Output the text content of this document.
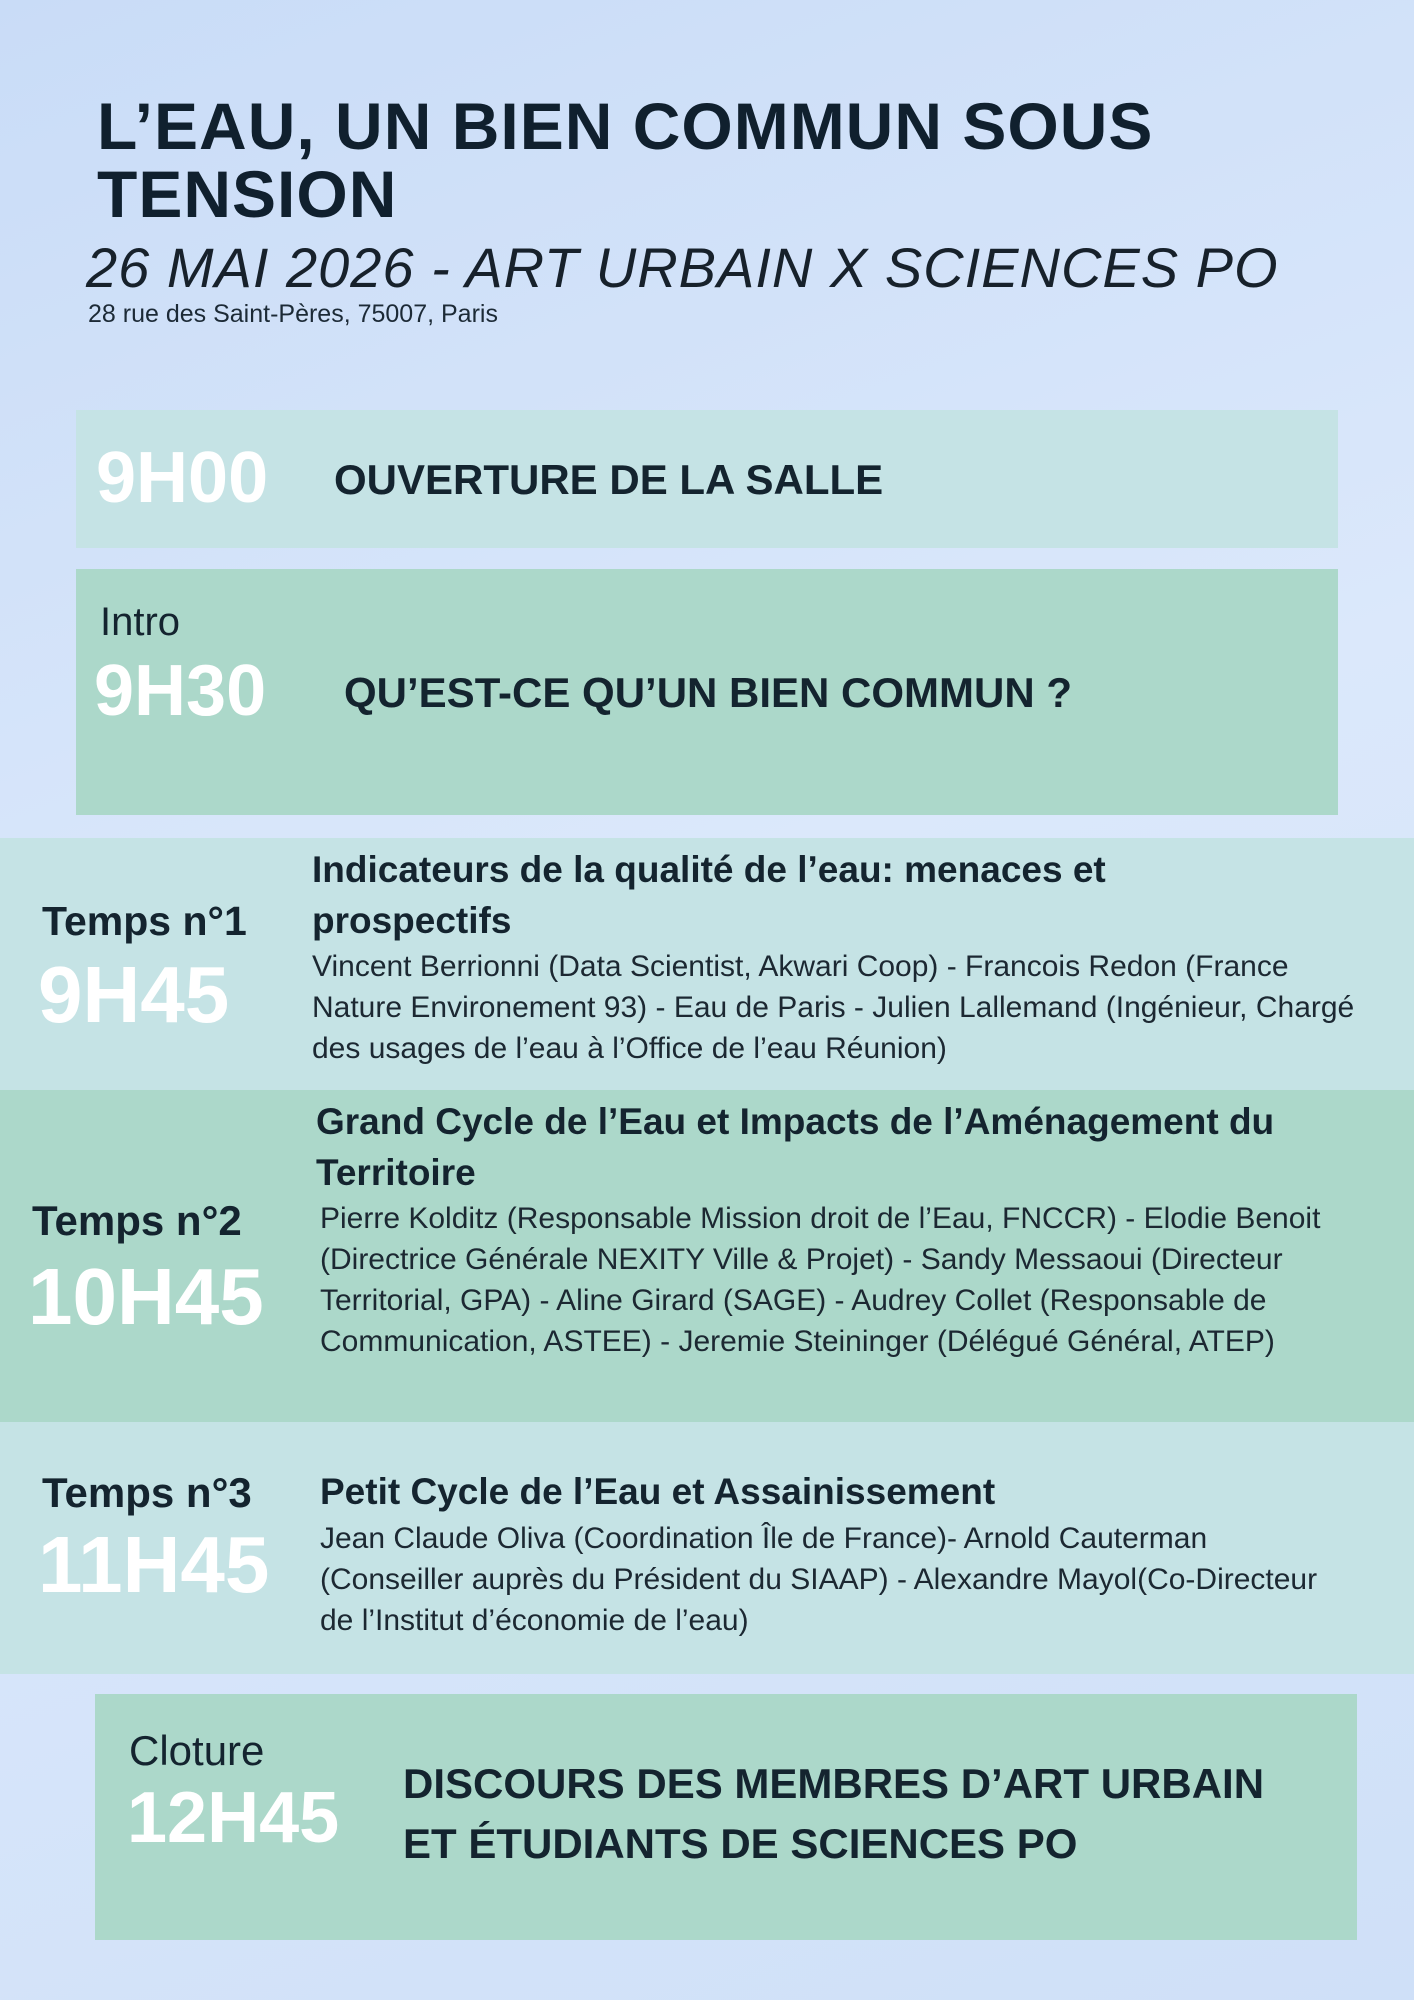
L’EAU, UN BIEN COMMUN SOUS TENSION
26 MAI 2026 - ART URBAIN X SCIENCES PO
28 rue des Saint-Pères, 75007, Paris
9H00 OUVERTURE DE LA SALLE
Intro
9H30 QU’EST-CE QU’UN BIEN COMMUN ?
Temps n°1
9H45
Indicateurs de la qualité de l’eau: menaces et prospectifs
Vincent Berrionni (Data Scientist, Akwari Coop) - Francois Redon (France Nature Environement 93) - Eau de Paris - Julien Lallemand (Ingénieur, Chargé des usages de l’eau à l’Office de l’eau Réunion)
Temps n°2
10H45
Grand Cycle de l’Eau et Impacts de l’Aménagement du Territoire
Pierre Kolditz (Responsable Mission droit de l’Eau, FNCCR) - Elodie Benoit (Directrice Générale NEXITY Ville & Projet) - Sandy Messaoui (Directeur Territorial, GPA) - Aline Girard (SAGE) - Audrey Collet (Responsable de Communication, ASTEE) - Jeremie Steininger (Délégué Général, ATEP)
Temps n°3
11H45
Petit Cycle de l’Eau et Assainissement
Jean Claude Oliva (Coordination Île de France)- Arnold Cauterman (Conseiller auprès du Président du SIAAP) - Alexandre Mayol(Co-Directeur de l’Institut d’économie de l’eau)
Cloture
12H45 DISCOURS DES MEMBRES D’ART URBAIN ET ÉTUDIANTS DE SCIENCES PO
